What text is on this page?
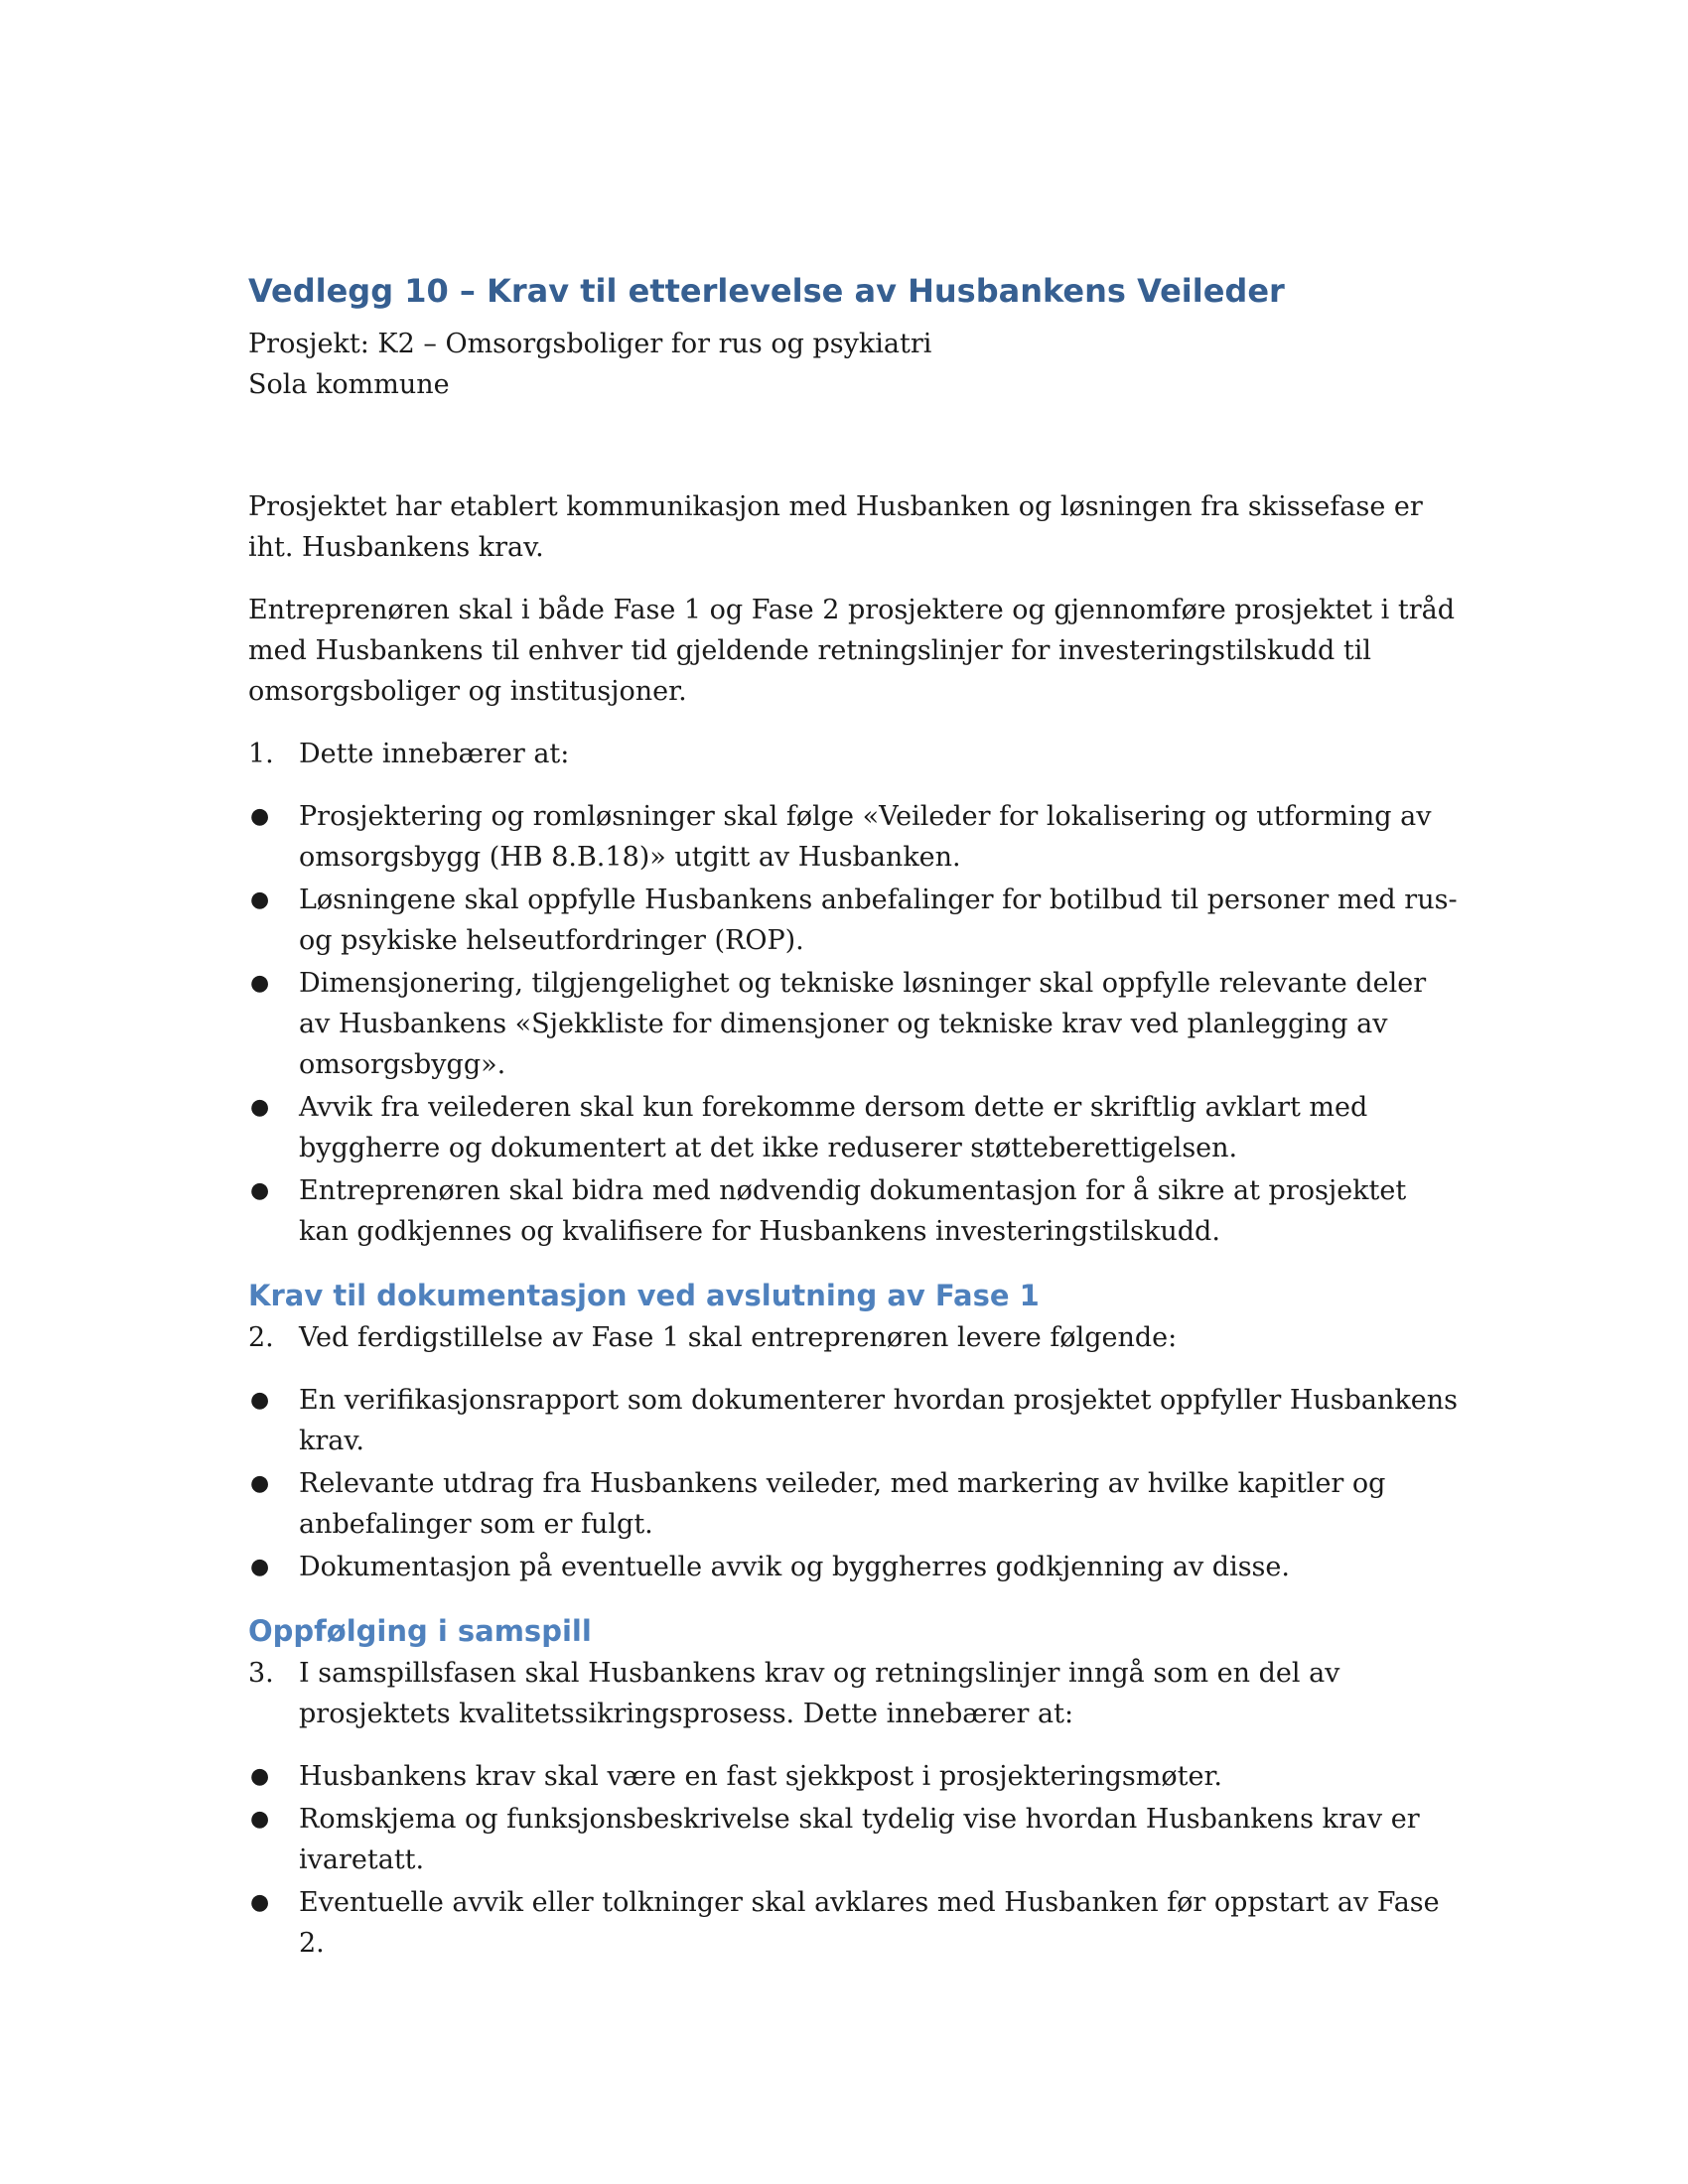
Vedlegg 10 – Krav til etterlevelse av Husbankens Veileder

Prosjekt: K2 – Omsorgsboliger for rus og psykiatri

Sola kommune

Prosjektet har etablert kommunikasjon med Husbanken og løsningen fra skissefase er iht. Husbankens krav.

Entreprenøren skal i både Fase 1 og Fase 2 prosjektere og gjennomføre prosjektet i tråd med Husbankens til enhver tid gjeldende retningslinjer for investeringstilskudd til omsorgsboliger og institusjoner.

1. Dette innebærer at:
●	Prosjektering og romløsninger skal følge «Veileder for lokalisering og utforming av omsorgsbygg (HB 8.B.18)» utgitt av Husbanken.
●	Løsningene skal oppfylle Husbankens anbefalinger for botilbud til personer med rus- og psykiske helseutfordringer (ROP).
●	Dimensjonering, tilgjengelighet og tekniske løsninger skal oppfylle relevante deler av Husbankens «Sjekkliste for dimensjoner og tekniske krav ved planlegging av omsorgsbygg».
●	Avvik fra veilederen skal kun forekomme dersom dette er skriftlig avklart med byggherre og dokumentert at det ikke reduserer støtteberettigelsen.
●	Entreprenøren skal bidra med nødvendig dokumentasjon for å sikre at prosjektet kan godkjennes og kvalifisere for Husbankens investeringstilskudd.
Krav til dokumentasjon ved avslutning av Fase 1
2. Ved ferdigstillelse av Fase 1 skal entreprenøren levere følgende:
●	En verifikasjonsrapport som dokumenterer hvordan prosjektet oppfyller Husbankens krav.
●	Relevante utdrag fra Husbankens veileder, med markering av hvilke kapitler og anbefalinger som er fulgt.
●	Dokumentasjon på eventuelle avvik og byggherres godkjenning av disse.
Oppfølging i samspill
3. I samspillsfasen skal Husbankens krav og retningslinjer inngå som en del av prosjektets kvalitetssikringsprosess. Dette innebærer at:
●	Husbankens krav skal være en fast sjekkpost i prosjekteringsmøter.
●	Romskjema og funksjonsbeskrivelse skal tydelig vise hvordan Husbankens krav er ivaretatt.
●	Eventuelle avvik eller tolkninger skal avklares med Husbanken før oppstart av Fase 2.
